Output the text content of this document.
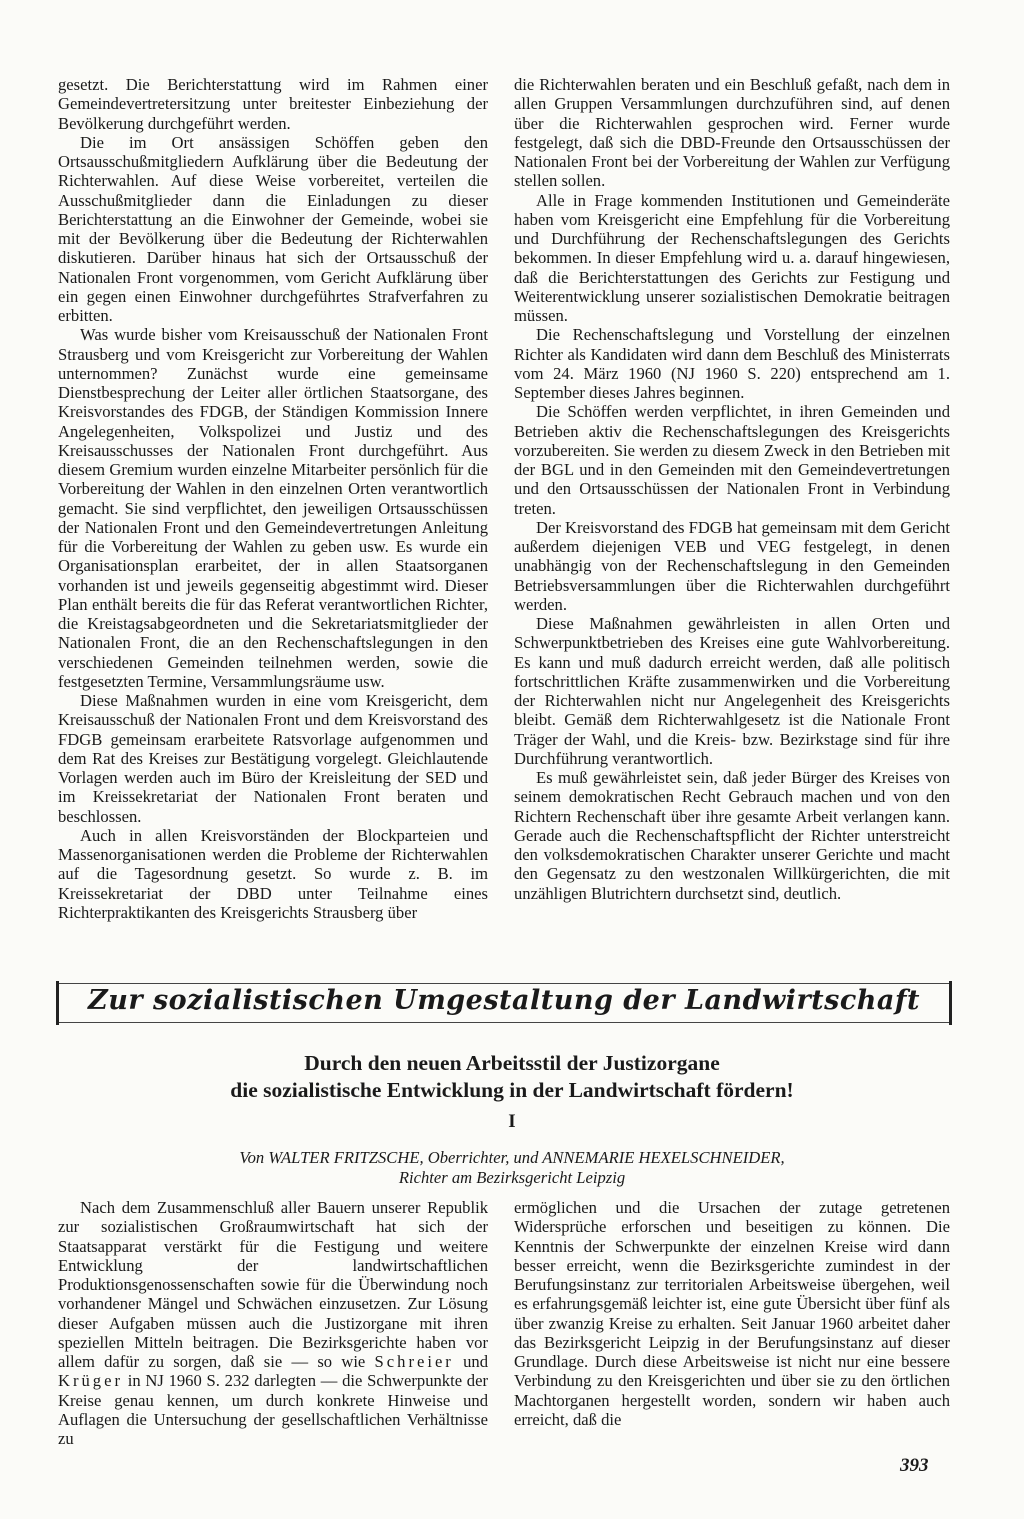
gesetzt. Die Berichterstattung wird im Rahmen einer Gemeindevertretersitzung unter breitester Einbeziehung der Bevölkerung durchgeführt werden.

Die im Ort ansässigen Schöffen geben den Ortsausschußmitgliedern Aufklärung über die Bedeutung der Richterwahlen. Auf diese Weise vorbereitet, verteilen die Ausschußmitglieder dann die Einladungen zu dieser Berichterstattung an die Einwohner der Gemeinde, wobei sie mit der Bevölkerung über die Bedeutung der Richterwahlen diskutieren. Darüber hinaus hat sich der Ortsausschuß der Nationalen Front vorgenommen, vom Gericht Aufklärung über ein gegen einen Einwohner durchgeführtes Strafverfahren zu erbitten.

Was wurde bisher vom Kreisausschuß der Nationalen Front Strausberg und vom Kreisgericht zur Vorbereitung der Wahlen unternommen? Zunächst wurde eine gemeinsame Dienstbesprechung der Leiter aller örtlichen Staatsorgane, des Kreisvorstandes des FDGB, der Ständigen Kommission Innere Angelegenheiten, Volkspolizei und Justiz und des Kreisausschusses der Nationalen Front durchgeführt. Aus diesem Gremium wurden einzelne Mitarbeiter persönlich für die Vorbereitung der Wahlen in den einzelnen Orten verantwortlich gemacht. Sie sind verpflichtet, den jeweiligen Ortsausschüssen der Nationalen Front und den Gemeindevertretungen Anleitung für die Vorbereitung der Wahlen zu geben usw. Es wurde ein Organisationsplan erarbeitet, der in allen Staatsorganen vorhanden ist und jeweils gegenseitig abgestimmt wird. Dieser Plan enthält bereits die für das Referat verantwortlichen Richter, die Kreistagsabgeordneten und die Sekretariatsmitglieder der Nationalen Front, die an den Rechenschaftslegungen in den verschiedenen Gemeinden teilnehmen werden, sowie die festgesetzten Termine, Versammlungsräume usw.

Diese Maßnahmen wurden in eine vom Kreisgericht, dem Kreisausschuß der Nationalen Front und dem Kreisvorstand des FDGB gemeinsam erarbeitete Ratsvorlage aufgenommen und dem Rat des Kreises zur Bestätigung vorgelegt. Gleichlautende Vorlagen werden auch im Büro der Kreisleitung der SED und im Kreissekretariat der Nationalen Front beraten und beschlossen.

Auch in allen Kreisvorständen der Blockparteien und Massenorganisationen werden die Probleme der Richterwahlen auf die Tagesordnung gesetzt. So wurde z. B. im Kreissekretariat der DBD unter Teilnahme eines Richterpraktikanten des Kreisgerichts Strausberg über

die Richterwahlen beraten und ein Beschluß gefaßt, nach dem in allen Gruppen Versammlungen durchzuführen sind, auf denen über die Richterwahlen gesprochen wird. Ferner wurde festgelegt, daß sich die DBD-Freunde den Ortsausschüssen der Nationalen Front bei der Vorbereitung der Wahlen zur Verfügung stellen sollen.

Alle in Frage kommenden Institutionen und Gemeinderäte haben vom Kreisgericht eine Empfehlung für die Vorbereitung und Durchführung der Rechenschaftslegungen des Gerichts bekommen. In dieser Empfehlung wird u. a. darauf hingewiesen, daß die Berichterstattungen des Gerichts zur Festigung und Weiterentwicklung unserer sozialistischen Demokratie beitragen müssen.

Die Rechenschaftslegung und Vorstellung der einzelnen Richter als Kandidaten wird dann dem Beschluß des Ministerrats vom 24. März 1960 (NJ 1960 S. 220) entsprechend am 1. September dieses Jahres beginnen.

Die Schöffen werden verpflichtet, in ihren Gemeinden und Betrieben aktiv die Rechenschaftslegungen des Kreisgerichts vorzubereiten. Sie werden zu diesem Zweck in den Betrieben mit der BGL und in den Gemeinden mit den Gemeindevertretungen und den Ortsausschüssen der Nationalen Front in Verbindung treten.

Der Kreisvorstand des FDGB hat gemeinsam mit dem Gericht außerdem diejenigen VEB und VEG festgelegt, in denen unabhängig von der Rechenschaftslegung in den Gemeinden Betriebsversammlungen über die Richterwahlen durchgeführt werden.

Diese Maßnahmen gewährleisten in allen Orten und Schwerpunktbetrieben des Kreises eine gute Wahlvorbereitung. Es kann und muß dadurch erreicht werden, daß alle politisch fortschrittlichen Kräfte zusammenwirken und die Vorbereitung der Richterwahlen nicht nur Angelegenheit des Kreisgerichts bleibt. Gemäß dem Richterwahlgesetz ist die Nationale Front Träger der Wahl, und die Kreis- bzw. Bezirkstage sind für ihre Durchführung verantwortlich.

Es muß gewährleistet sein, daß jeder Bürger des Kreises von seinem demokratischen Recht Gebrauch machen und von den Richtern Rechenschaft über ihre gesamte Arbeit verlangen kann. Gerade auch die Rechenschaftspflicht der Richter unterstreicht den volksdemokratischen Charakter unserer Gerichte und macht den Gegensatz zu den westzonalen Willkürgerichten, die mit unzähligen Blutrichtern durchsetzt sind, deutlich.

Zur sozialistischen Umgestaltung der Landwirtschaft
Durch den neuen Arbeitsstil der Justizorgane
die sozialistische Entwicklung in der Landwirtschaft fördern!
I
Von WALTER FRITZSCHE, Oberrichter, und ANNEMARIE HEXELSCHNEIDER,
Richter am Bezirksgericht Leipzig

Nach dem Zusammenschluß aller Bauern unserer Republik zur sozialistischen Großraumwirtschaft hat sich der Staatsapparat verstärkt für die Festigung und weitere Entwicklung der landwirtschaftlichen Produktionsgenossenschaften sowie für die Überwindung noch vorhandener Mängel und Schwächen einzusetzen. Zur Lösung dieser Aufgaben müssen auch die Justizorgane mit ihren speziellen Mitteln beitragen. Die Bezirksgerichte haben vor allem dafür zu sorgen, daß sie — so wie Schreier und Krüger in NJ 1960 S. 232 darlegten — die Schwerpunkte der Kreise genau kennen, um durch konkrete Hinweise und Auflagen die Untersuchung der gesellschaftlichen Verhältnisse zu

ermöglichen und die Ursachen der zutage getretenen Widersprüche erforschen und beseitigen zu können. Die Kenntnis der Schwerpunkte der einzelnen Kreise wird dann besser erreicht, wenn die Bezirksgerichte zumindest in der Berufungsinstanz zur territorialen Arbeitsweise übergehen, weil es erfahrungsgemäß leichter ist, eine gute Übersicht über fünf als über zwanzig Kreise zu erhalten. Seit Januar 1960 arbeitet daher das Bezirksgericht Leipzig in der Berufungsinstanz auf dieser Grundlage. Durch diese Arbeitsweise ist nicht nur eine bessere Verbindung zu den Kreisgerichten und über sie zu den örtlichen Machtorganen hergestellt worden, sondern wir haben auch erreicht, daß die

393
